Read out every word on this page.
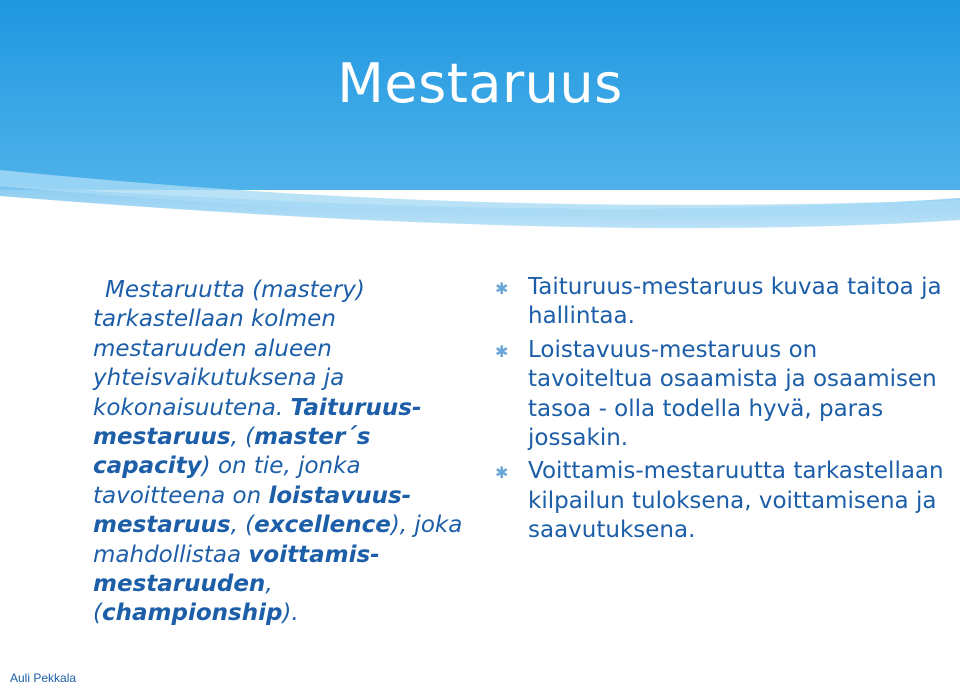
Mestaruus

Mestaruutta (mastery) tarkastellaan kolmen mestaruuden alueen yhteisvaikutuksena ja kokonaisuutena. Taituruus-mestaruus, (master´s capacity) on tie, jonka tavoitteena on loistavuus-mestaruus, (excellence), joka mahdollistaa voittamis-mestaruuden, (championship).

✱ Taituruus-mestaruus kuvaa taitoa ja hallintaa.
✱ Loistavuus-mestaruus on tavoiteltua osaamista ja osaamisen tasoa - olla todella hyvä, paras jossakin.
✱ Voittamis-mestaruutta tarkastellaan kilpailun tuloksena, voittamisena ja saavutuksena.
Auli Pekkala
